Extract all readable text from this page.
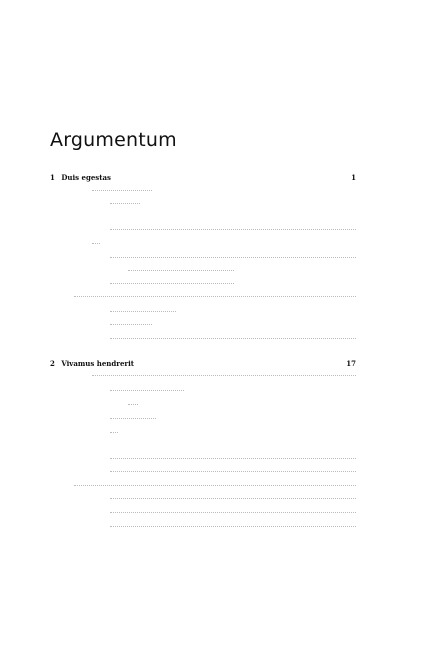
Argumentum
1 Duis egestas	1
2 Vivamus hendrerit	17
